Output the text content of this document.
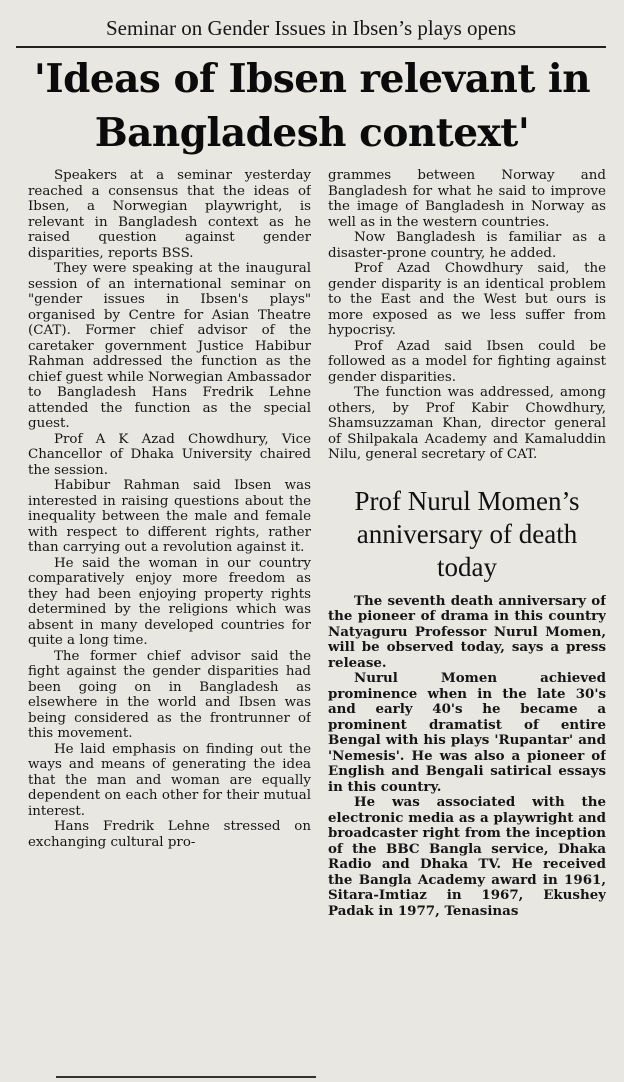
Seminar on Gender Issues in Ibsen’s plays opens
'Ideas of Ibsen relevant in Bangladesh context'

Speakers at a seminar yesterday reached a consensus that the ideas of Ibsen, a Norwegian playwright, is relevant in Bangladesh context as he raised question against gender disparities, reports BSS.

They were speaking at the inaugural session of an international seminar on "gender issues in Ibsen's plays" organised by Centre for Asian Theatre (CAT). Former chief advisor of the caretaker government Justice Habibur Rahman addressed the function as the chief guest while Norwegian Ambassador to Bangladesh Hans Fredrik Lehne attended the function as the special guest.

Prof A K Azad Chowdhury, Vice Chancellor of Dhaka University chaired the session.

Habibur Rahman said Ibsen was interested in raising questions about the inequality between the male and female with respect to different rights, rather than carrying out a revolution against it.

He said the woman in our country comparatively enjoy more freedom as they had been enjoying property rights determined by the religions which was absent in many developed countries for quite a long time.

The former chief advisor said the fight against the gender disparities had been going on in Bangladesh as elsewhere in the world and Ibsen was being considered as the frontrunner of this movement.

He laid emphasis on finding out the ways and means of generating the idea that the man and woman are equally dependent on each other for their mutual interest.

Hans Fredrik Lehne stressed on exchanging cultural pro-

grammes between Norway and Bangladesh for what he said to improve the image of Bangladesh in Norway as well as in the western countries.

Now Bangladesh is familiar as a disaster-prone country, he added.

Prof Azad Chowdhury said, the gender disparity is an identical problem to the East and the West but ours is more exposed as we less suffer from hypocrisy.

Prof Azad said Ibsen could be followed as a model for fighting against gender disparities.

The function was addressed, among others, by Prof Kabir Chowdhury, Shamsuzzaman Khan, director general of Shilpakala Academy and Kamaluddin Nilu, general secretary of CAT.

Prof Nurul Momen’s anniversary of death today

The seventh death anniversary of the pioneer of drama in this country Natyaguru Professor Nurul Momen, will be observed today, says a press release.

Nurul Momen achieved prominence when in the late 30's and early 40's he became a prominent dramatist of entire Bengal with his plays 'Rupantar' and 'Nemesis'. He was also a pioneer of English and Bengali satirical essays in this country.

He was associated with the electronic media as a playwright and broadcaster right from the inception of the BBC Bangla service, Dhaka Radio and Dhaka TV. He received the Bangla Academy award in 1961, Sitara-Imtiaz in 1967, Ekushey Padak in 1977, Tenasinas
